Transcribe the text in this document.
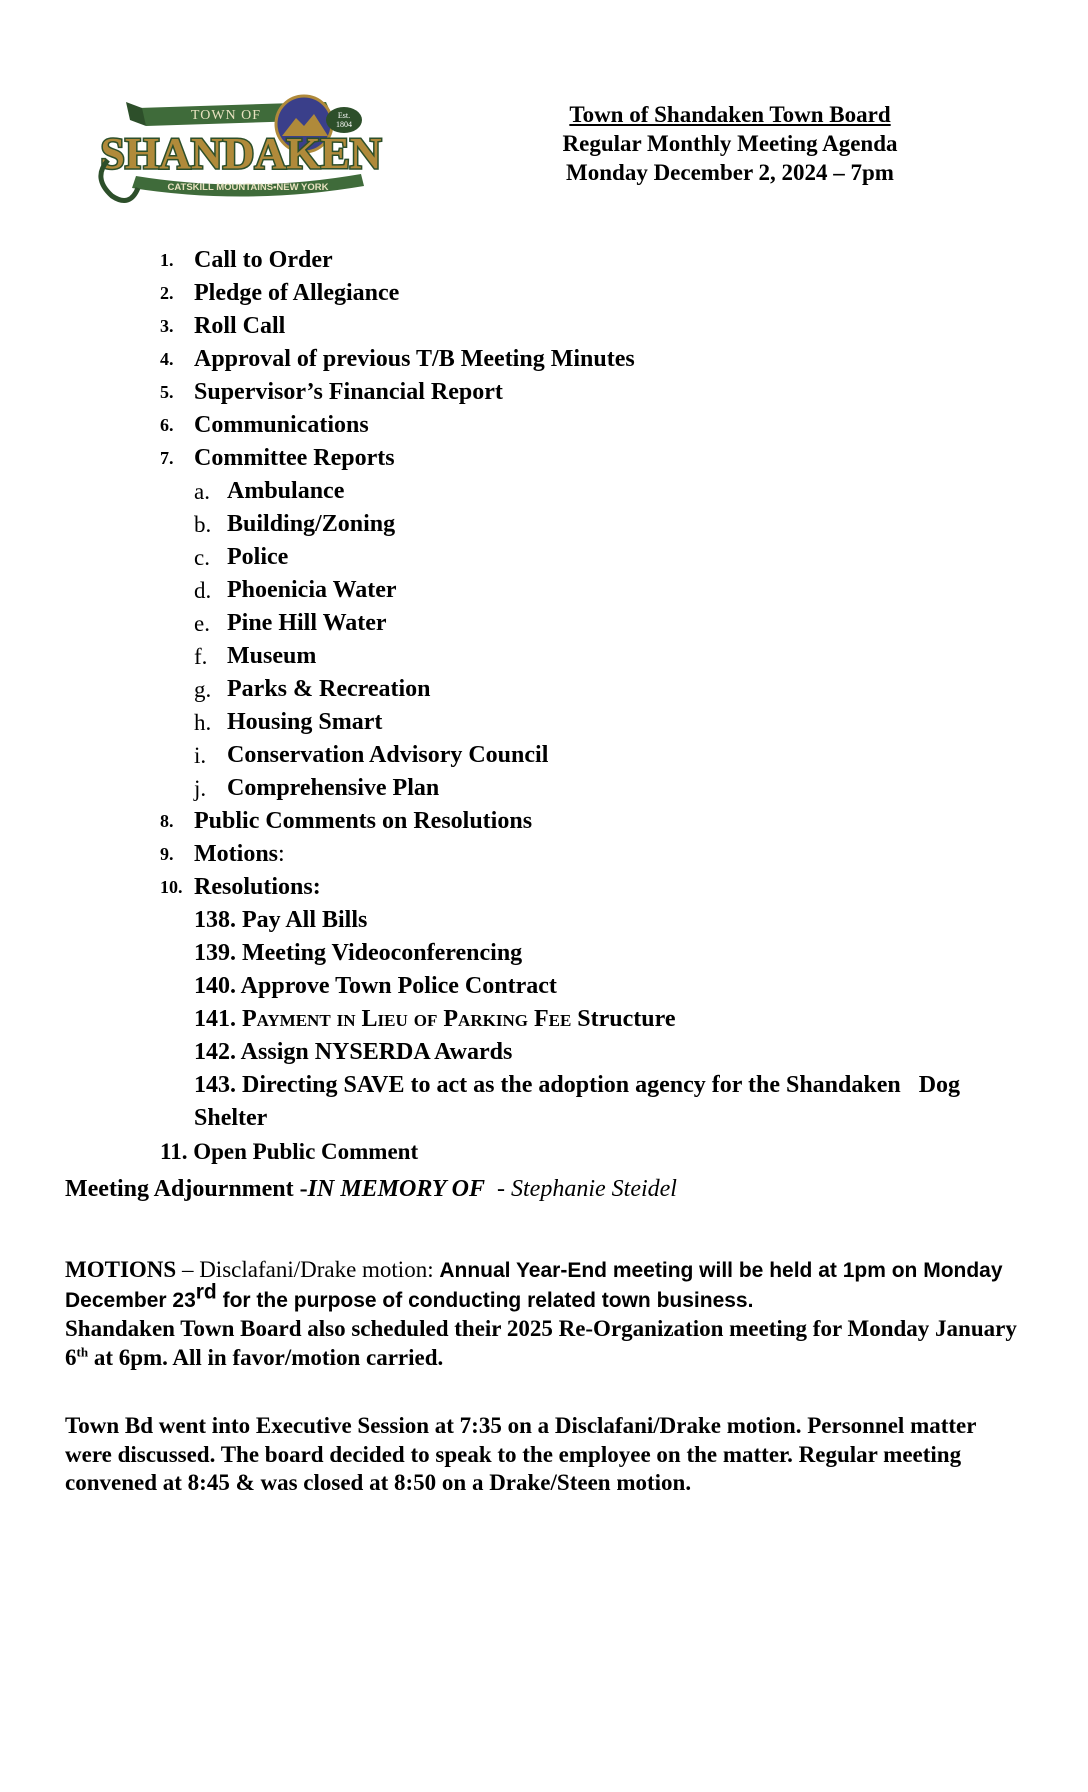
Est.
1804
TOWN OF
SHANDAKEN
CATSKILL MOUNTAINS•NEW YORK
Town of Shandaken Town Board
Regular Monthly Meeting Agenda
Monday December 2, 2024 – 7pm
1. Call to Order
2. Pledge of Allegiance
3. Roll Call
4. Approval of previous T/B Meeting Minutes
5. Supervisor’s Financial Report
6. Communications
7. Committee Reports
a. Ambulance
b. Building/Zoning
c. Police
d. Phoenicia Water
e. Pine Hill Water
f. Museum
g. Parks & Recreation
h. Housing Smart
i. Conservation Advisory Council
j. Comprehensive Plan
8. Public Comments on Resolutions
9. Motions:
10. Resolutions:
138. Pay All Bills
139. Meeting Videoconferencing
140. Approve Town Police Contract
141. Payment in Lieu of Parking Fee Structure
142. Assign NYSERDA Awards
143. Directing SAVE to act as the adoption agency for the Shandaken   Dog
Shelter
11. Open Public Comment
Meeting Adjournment -IN MEMORY OF  - Stephanie Steidel
MOTIONS – Disclafani/Drake motion: Annual Year-End meeting will be held at 1pm on Monday December 23rd for the purpose of conducting related town business.
Shandaken Town Board also scheduled their 2025 Re-Organization meeting for Monday January 6th at 6pm. All in favor/motion carried.
Town Bd went into Executive Session at 7:35 on a Disclafani/Drake motion. Personnel matter were discussed. The board decided to speak to the employee on the matter. Regular meeting convened at 8:45 & was closed at 8:50 on a Drake/Steen motion.
